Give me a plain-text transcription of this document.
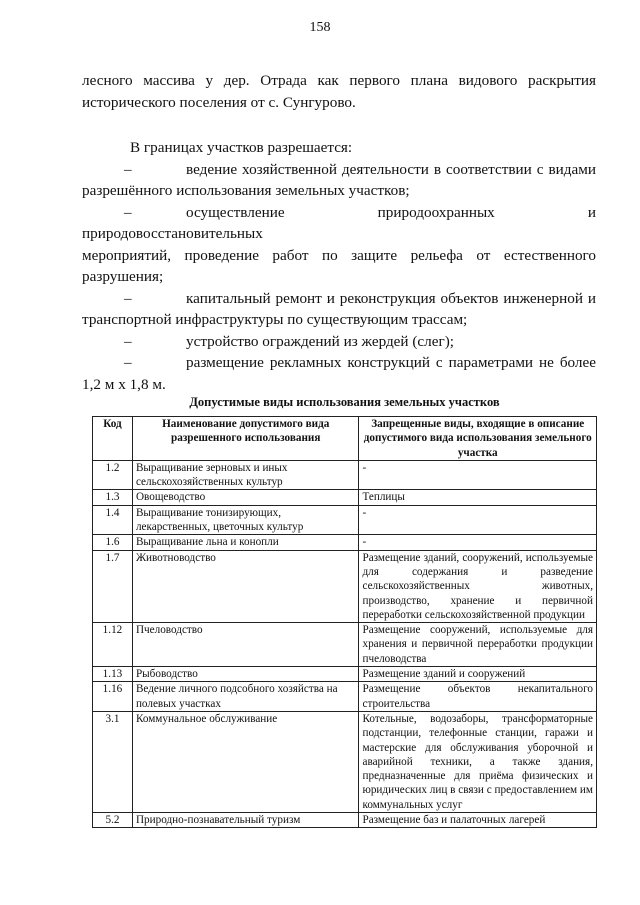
158
лесного массива у дер. Отрада как первого плана видового раскрытия
исторического поселения от с. Сунгурово.
В границах участков разрешается:
–	ведение хозяйственной деятельности в соответствии с видами
разрешённого использования земельных участков;
–	осуществление природоохранных и природовосстановительных
мероприятий, проведение работ по защите рельефа от естественного
разрушения;
–	капитальный ремонт и реконструкция объектов инженерной и
транспортной инфраструктуры по существующим трассам;
–	устройство ограждений из жердей (слег);
–	размещение рекламных конструкций с параметрами не более
1,2 м х 1,8 м.
Допустимые виды использования земельных участков
Код	Наименование допустимого вида разрешенного использования	Запрещенные виды, входящие в описание допустимого вида использования земельного участка
1.2	Выращивание зерновых и иных сельскохозяйственных культур	-
1.3	Овощеводство	Теплицы
1.4	Выращивание тонизирующих, лекарственных, цветочных культур	-
1.6	Выращивание льна и конопли	-
1.7	Животноводство	Размещение зданий, сооружений, используемые для содержания и разведение сельскохозяйственных животных, производство, хранение и первичной переработки сельскохозяйственной продукции
1.12	Пчеловодство	Размещение сооружений, используемые для хранения и первичной переработки продукции пчеловодства
1.13	Рыбоводство	Размещение зданий и сооружений
1.16	Ведение личного подсобного хозяйства на полевых участках	Размещение объектов некапитального строительства
3.1	Коммунальное обслуживание	Котельные, водозаборы, трансформаторные подстанции, телефонные станции, гаражи и мастерские для обслуживания уборочной и аварийной техники, а также здания, предназначенные для приёма физических и юридических лиц в связи с предоставлением им коммунальных услуг
5.2	Природно-познавательный туризм	Размещение баз и палаточных лагерей
